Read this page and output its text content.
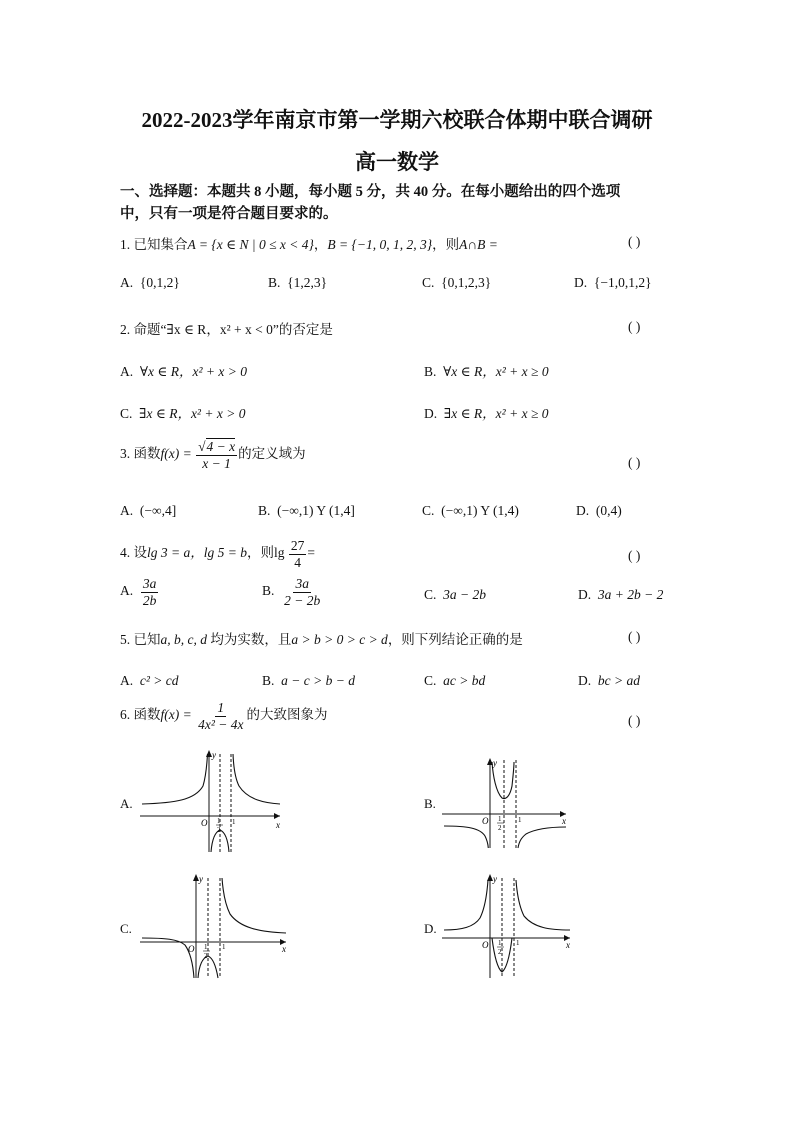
2022-2023学年南京市第一学期六校联合体期中联合调研
高一数学
一、选择题：本题共 8 小题，每小题 5 分，共 40 分。在每小题给出的四个选项
中，只有一项是符合题目要求的。
1. 已知集合A = {x ∈ N | 0 ≤ x < 4}，B = {−1, 0, 1, 2, 3}，则A∩B =	( )
A. {0,1,2}	B. {1,2,3}	C. {0,1,2,3}	D. {−1,0,1,2}
2. 命题“∃x ∈ R，x² + x < 0”的否定是	( )
A. ∀x ∈ R，x² + x > 0	B. ∀x ∈ R，x² + x ≥ 0
C. ∃x ∈ R，x² + x > 0	D. ∃x ∈ R，x² + x ≥ 0
3. 函数$f(x) = \frac{√4 - x}{x - 1}$ 的定义域为
( )
A. (−∞,4]	B. (−∞,1) Y (1,4]	C. (−∞,1) Y (1,4)	D. (0,4)
4. 设lg 3 = a，lg 5 = b，则$\lg \frac{27}{4}$ =	( )
A. $\frac{3a}{2b}$	B. $\frac{3a}{2 - 2b}$	C. 3a − 2b	D. 3a + 2b − 2
5. 已知a, b, c, d 均为实数，且a > b > 0 > c > d，则下列结论正确的是	( )
A. c² > cd	B. a − c > b − d	C. ac > bd	D. bc > ad
6. 函数$f(x) = \frac{1}{\text{4x² − 4x}}$ 的大致图象为	( )
A.	B.
C.	D.
y
x
O 1
2
1
y
x
O 1
2
1
y
x
O 1
2
1
y
x
O 1
2
1
